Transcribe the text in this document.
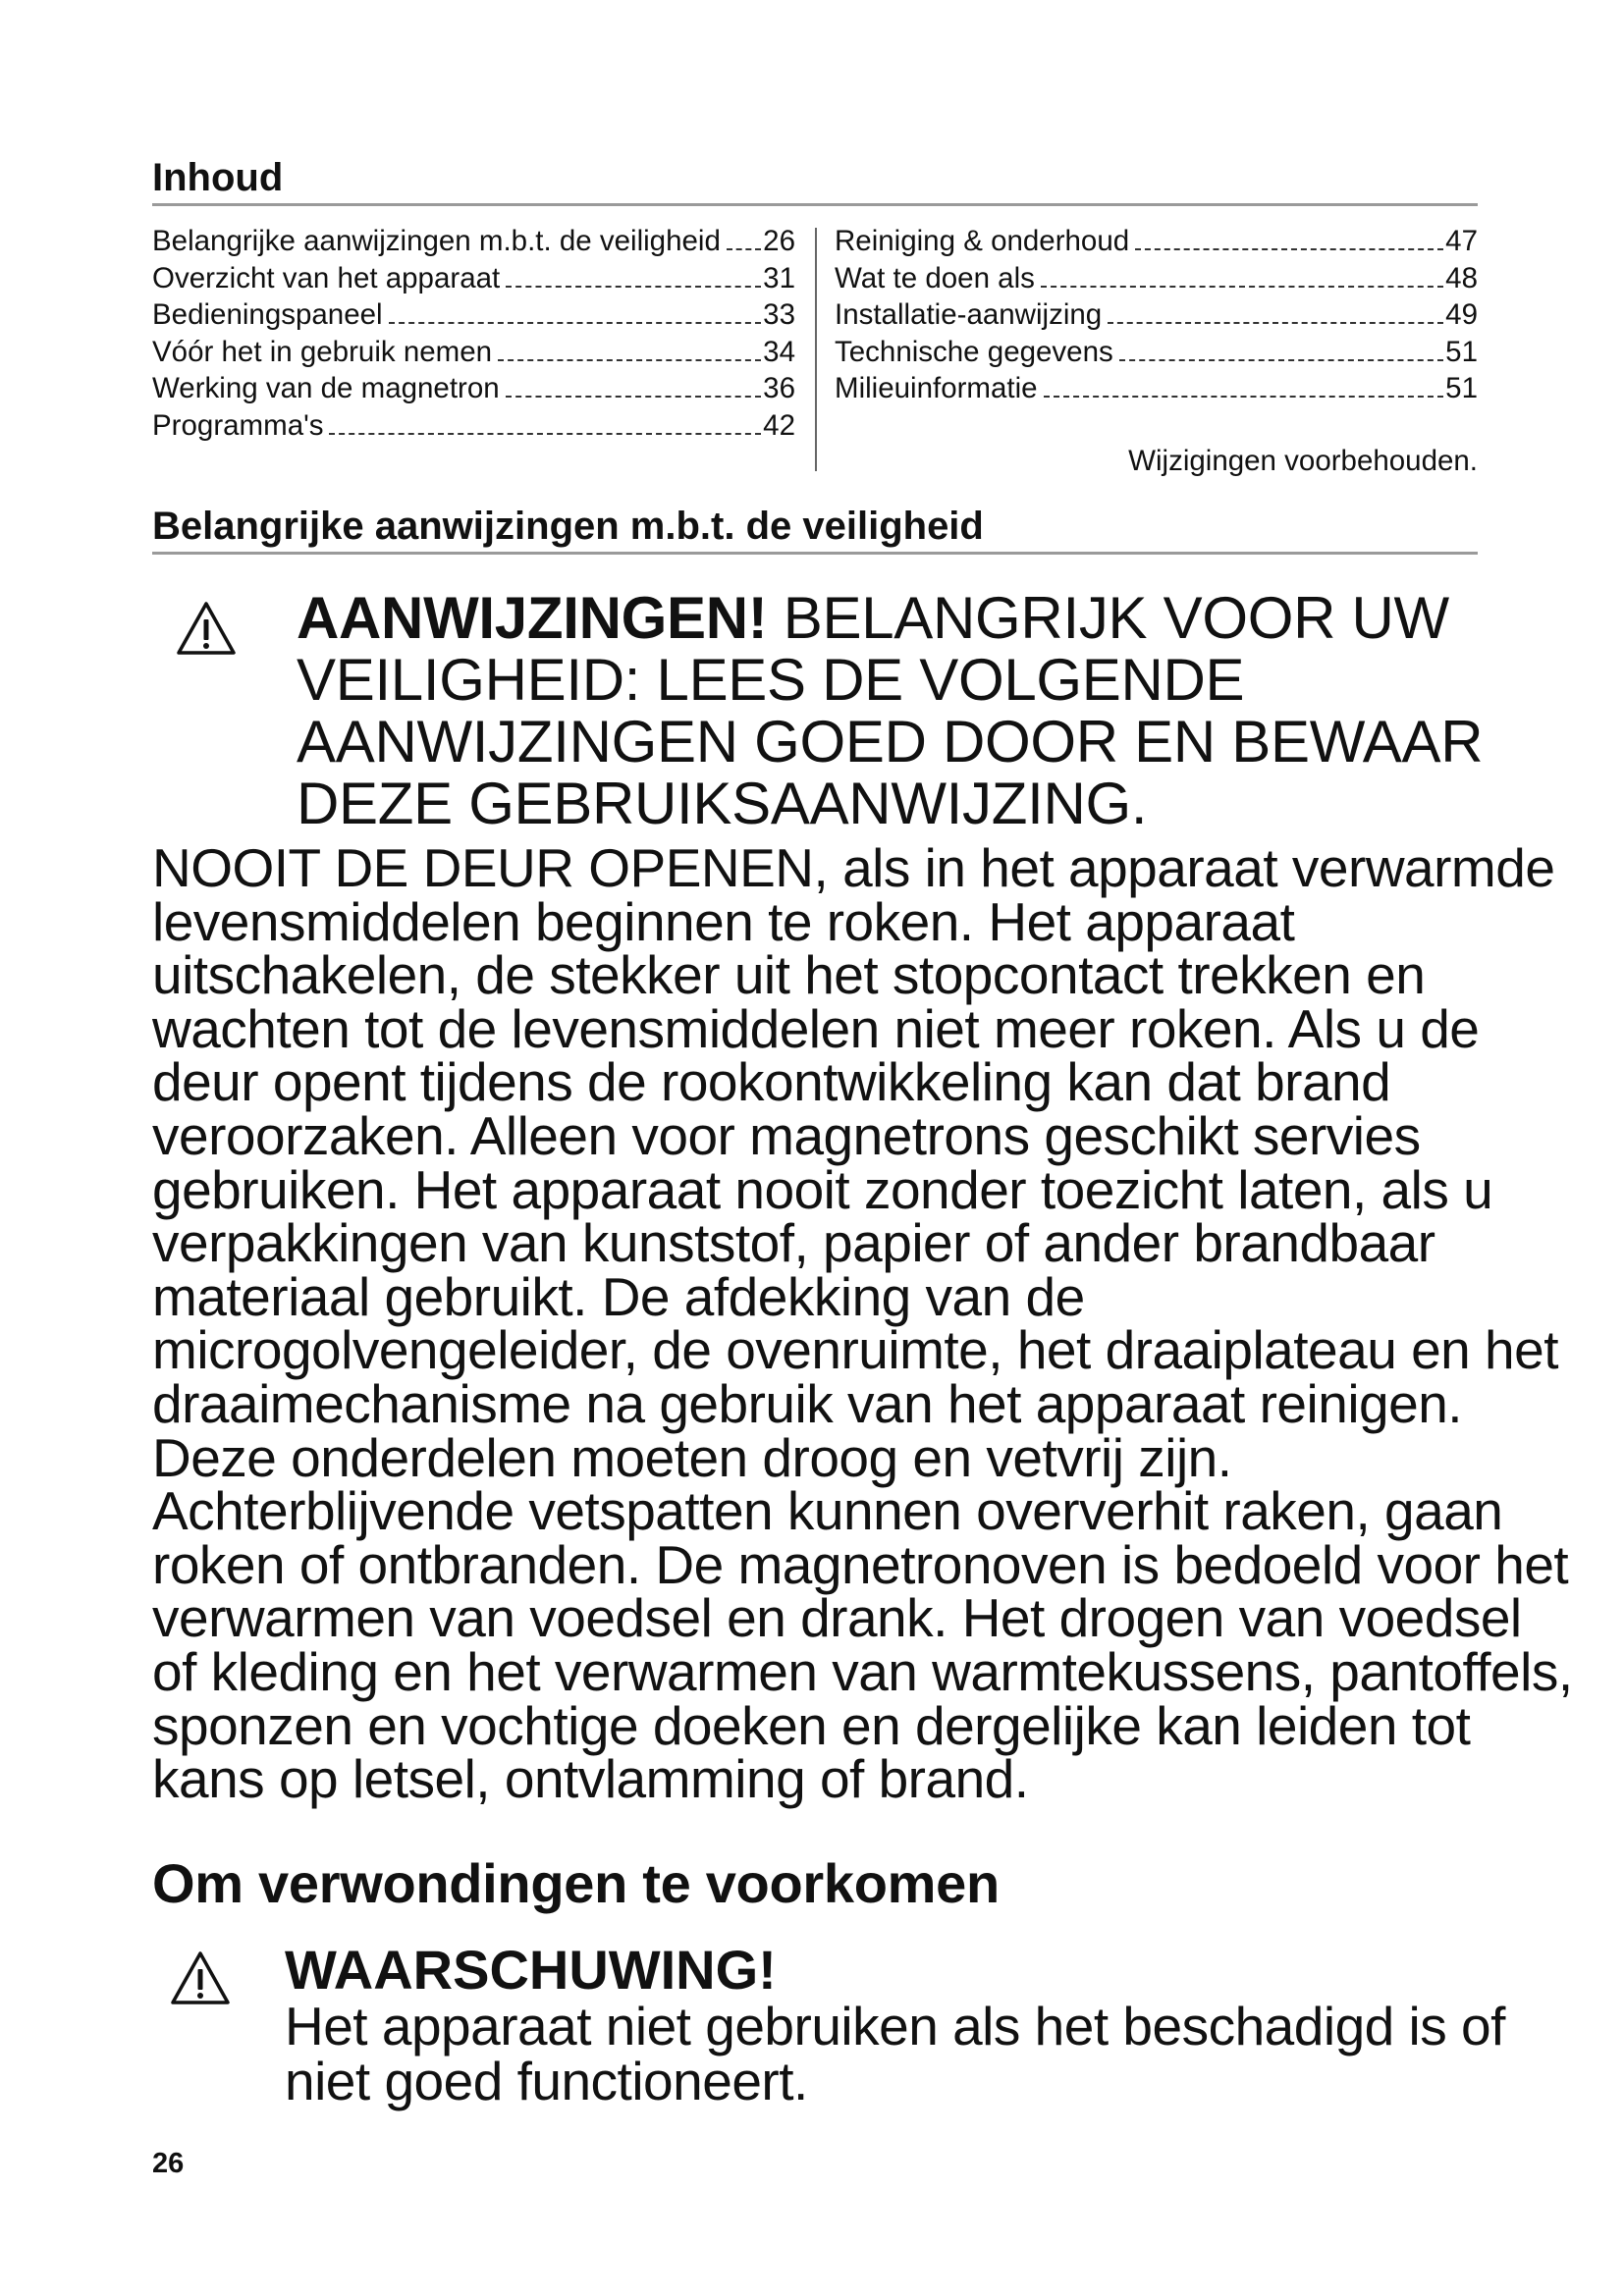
Inhoud
Belangrijke aanwijzingen m.b.t. de veiligheid 26
Overzicht van het apparaat	31
Bedieningspaneel	33
Vóór het in gebruik nemen	34
Werking van de magnetron	36
Programma's	42
Reiniging & onderhoud	47
Wat te doen als	48
Installatie-aanwijzing	49
Technische gegevens	51
Milieuinformatie	51
Wijzigingen voorbehouden.
Belangrijke aanwijzingen m.b.t. de veiligheid
AANWIJZINGEN! BELANGRIJK VOOR UW VEILIGHEID: LEES DE VOLGENDE AANWIJZINGEN GOED DOOR EN BEWAAR DEZE GEBRUIKSAANWIJZING.
NOOIT DE DEUR OPENEN, als in het apparaat verwarmde levensmiddelen beginnen te roken. Het apparaat uitschakelen, de stekker uit het stopcontact trekken en wachten tot de levensmiddelen niet meer roken. Als u de deur opent tijdens de rookontwikkeling kan dat brand veroorzaken. Alleen voor magnetrons geschikt servies gebruiken. Het apparaat nooit zonder toezicht laten, als u verpakkingen van kunststof, papier of ander brandbaar materiaal gebruikt. De afdekking van de microgolvengeleider, de ovenruimte, het draaiplateau en het draaimechanisme na gebruik van het apparaat reinigen. Deze onderdelen moeten droog en vetvrij zijn. Achterblijvende vetspatten kunnen oververhit raken, gaan roken of ontbranden. De magnetronoven is bedoeld voor het verwarmen van voedsel en drank. Het drogen van voedsel of kleding en het verwarmen van warmtekussens, pantoffels, sponzen en vochtige doeken en dergelijke kan leiden tot kans op letsel, ontvlamming of brand.
Om verwondingen te voorkomen
WAARSCHUWING!
Het apparaat niet gebruiken als het beschadigd is of niet goed functioneert.
26
